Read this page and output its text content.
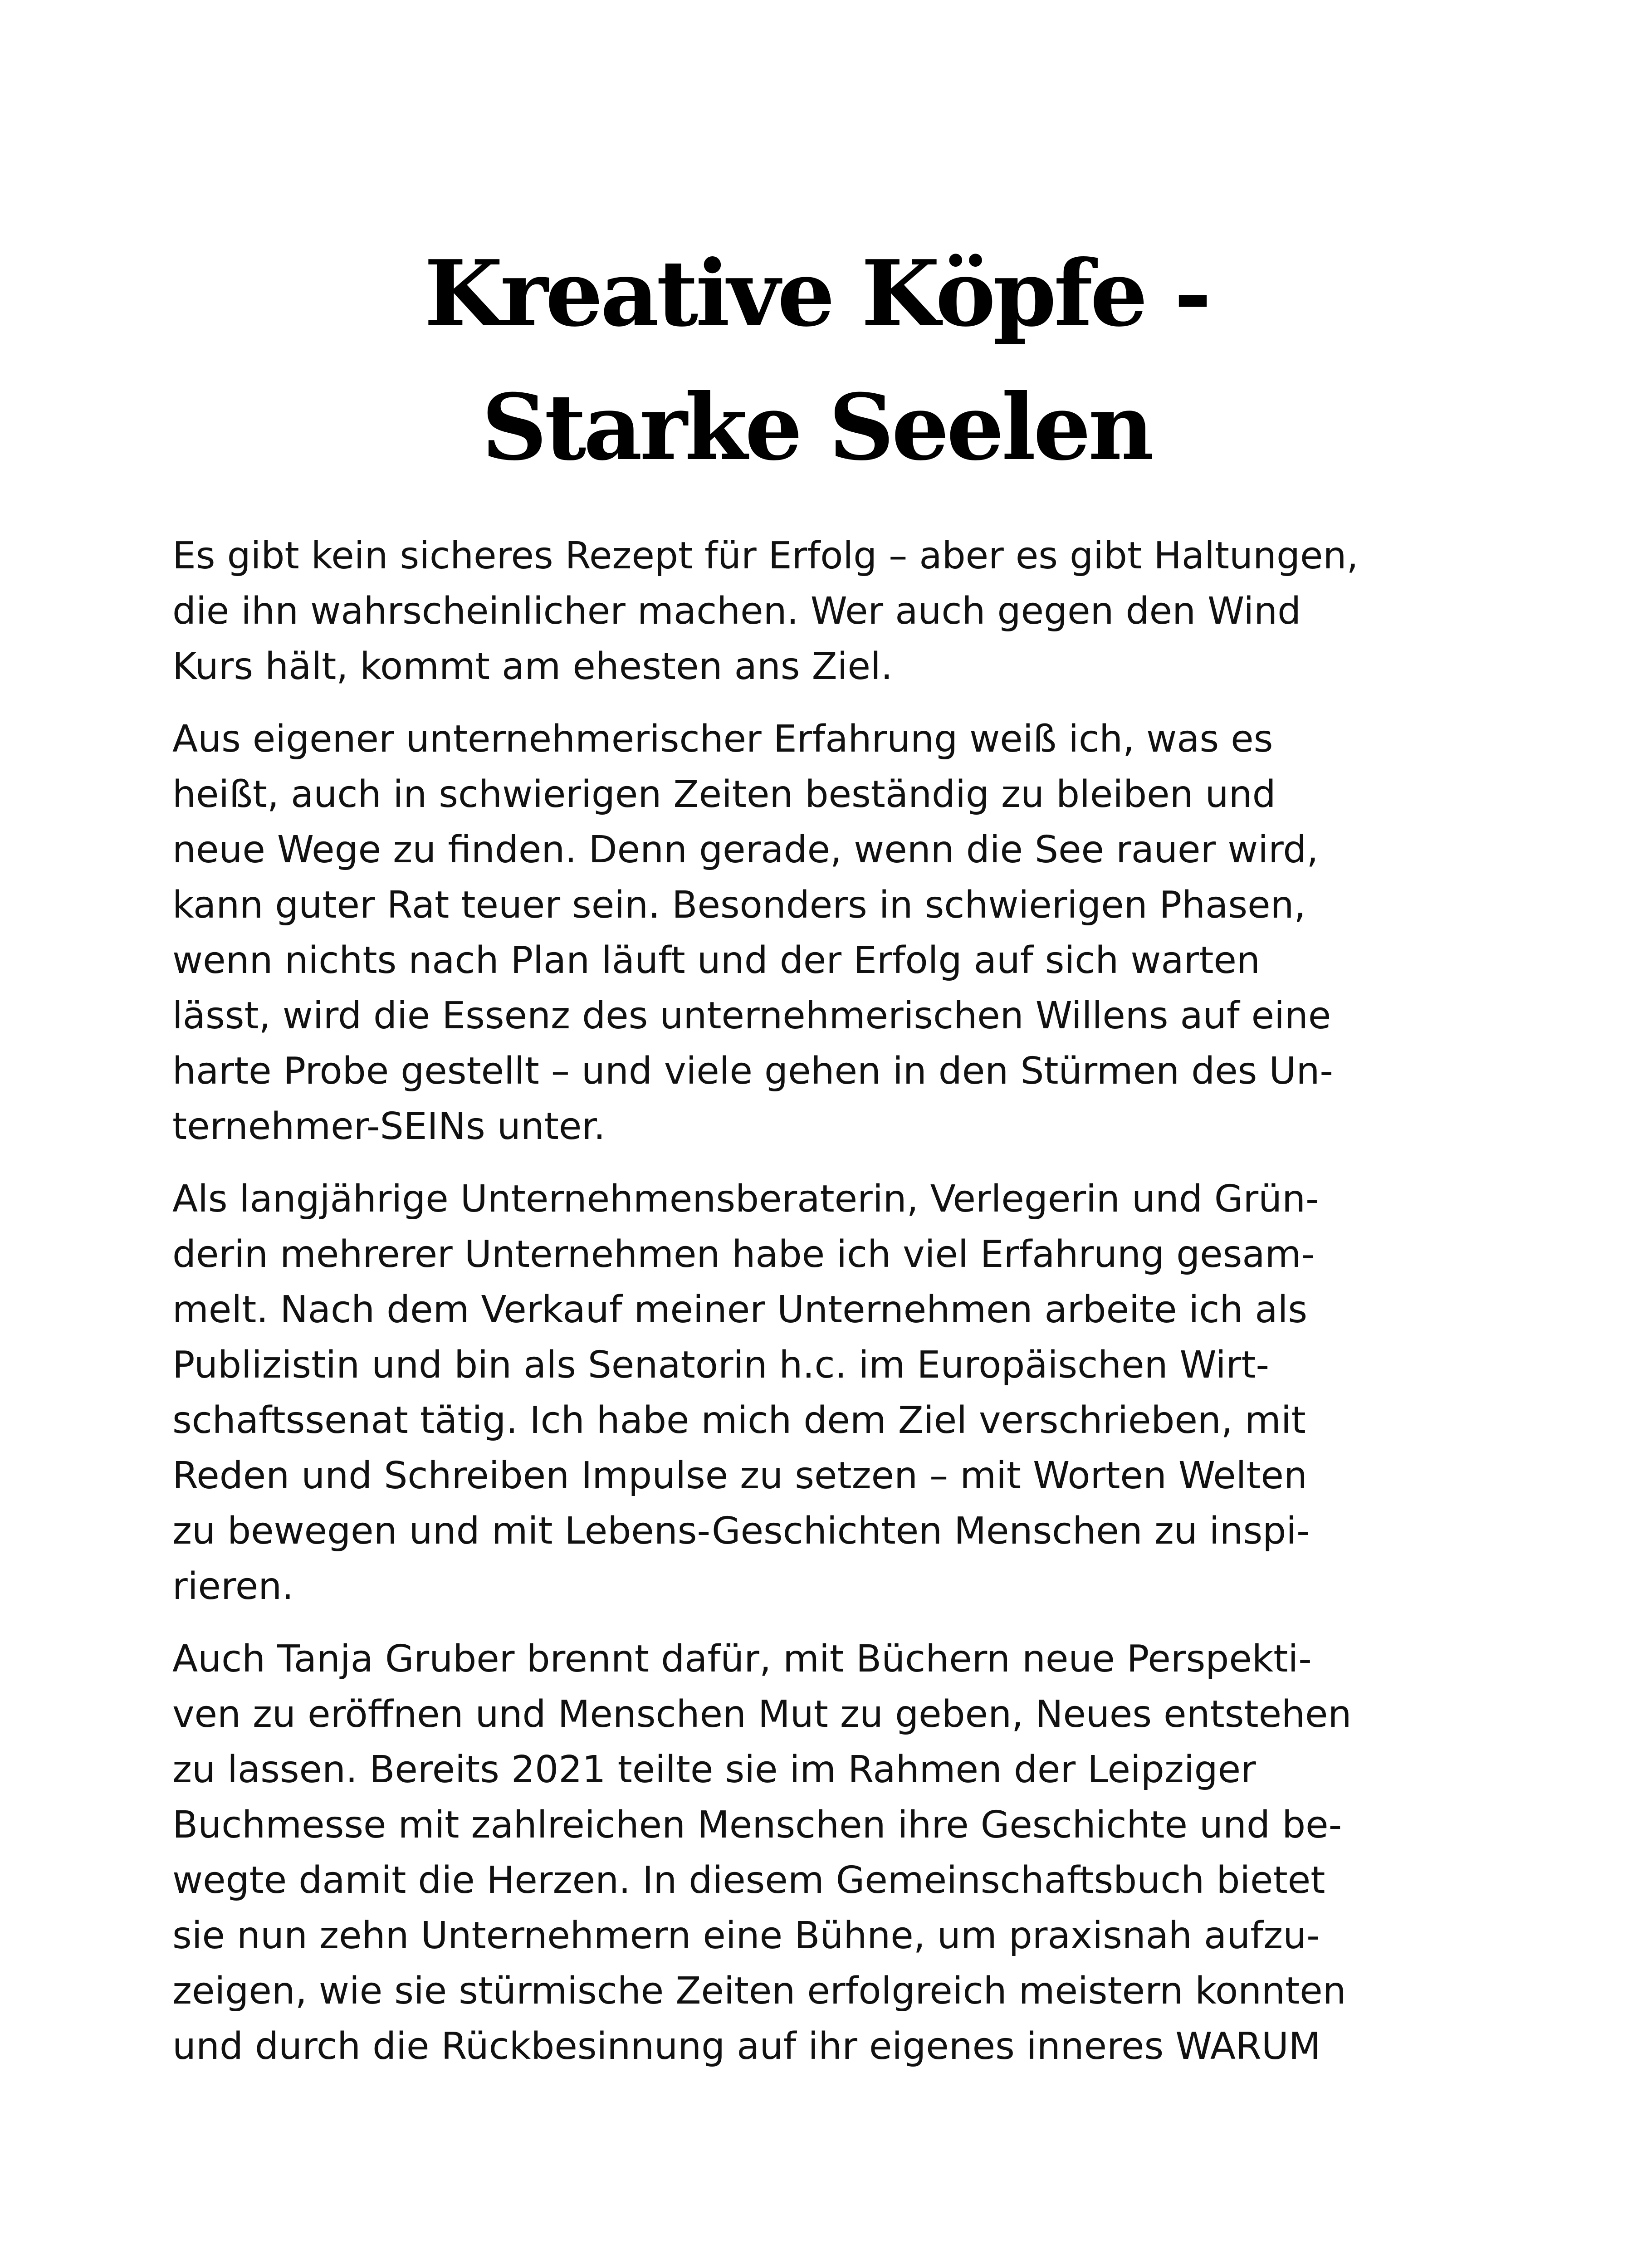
Kreative Köpfe -
Starke Seelen

Es gibt kein sicheres Rezept für Erfolg – aber es gibt Haltungen,
die ihn wahrscheinlicher machen. Wer auch gegen den Wind
Kurs hält, kommt am ehesten ans Ziel.

Aus eigener unternehmerischer Erfahrung weiß ich, was es
heißt, auch in schwierigen Zeiten beständig zu bleiben und
neue Wege zu finden. Denn gerade, wenn die See rauer wird,
kann guter Rat teuer sein. Besonders in schwierigen Phasen,
wenn nichts nach Plan läuft und der Erfolg auf sich warten
lässt, wird die Essenz des unternehmerischen Willens auf eine
harte Probe gestellt – und viele gehen in den Stürmen des Un-
ternehmer-SEINs unter.

Als langjährige Unternehmensberaterin, Verlegerin und Grün-
derin mehrerer Unternehmen habe ich viel Erfahrung gesam-
melt. Nach dem Verkauf meiner Unternehmen arbeite ich als
Publizistin und bin als Senatorin h.c. im Europäischen Wirt-
schaftssenat tätig. Ich habe mich dem Ziel verschrieben, mit
Reden und Schreiben Impulse zu setzen – mit Worten Welten
zu bewegen und mit Lebens-Geschichten Menschen zu inspi-
rieren.

Auch Tanja Gruber brennt dafür, mit Büchern neue Perspekti-
ven zu eröffnen und Menschen Mut zu geben, Neues entstehen
zu lassen. Bereits 2021 teilte sie im Rahmen der Leipziger
Buchmesse mit zahlreichen Menschen ihre Geschichte und be-
wegte damit die Herzen. In diesem Gemeinschaftsbuch bietet
sie nun zehn Unternehmern eine Bühne, um praxisnah aufzu-
zeigen, wie sie stürmische Zeiten erfolgreich meistern konnten
und durch die Rückbesinnung auf ihr eigenes inneres WARUM
